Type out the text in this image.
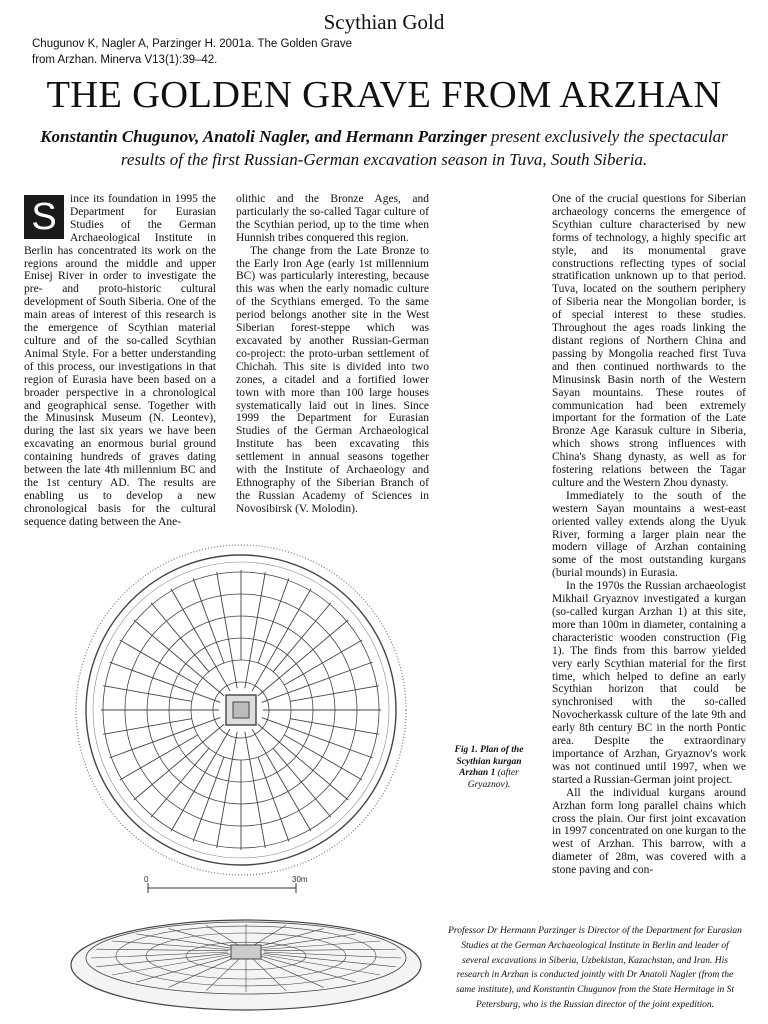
Scythian Gold
Chugunov K, Nagler A, Parzinger H. 2001a. The Golden Grave from Arzhan. Minerva V13(1):39–42.
THE GOLDEN GRAVE FROM ARZHAN
Konstantin Chugunov, Anatoli Nagler, and Hermann Parzinger present exclusively the spectacular results of the first Russian-German excavation season in Tuva, South Siberia.

S	ince its foundation in 1995 the Department for Eurasian Studies of the German Archaeological Institute in Berlin has concentrated its work on the regions around the middle and upper Enisej River in order to investigate the pre- and proto-historic cultural development of South Siberia. One of the main areas of interest of this research is the emergence of Scythian material culture and of the so-called Scythian Animal Style. For a better understanding of this process, our investigations in that region of Eurasia have been based on a broader perspective in a chronological and geographical sense. Together with the Minusinsk Museum (N. Leontev), during the last six years we have been excavating an enormous burial ground containing hundreds of graves dating between the late 4th millennium BC and the 1st century AD. The results are enabling us to develop a new chronological basis for the cultural sequence dating between the Ane-

olithic and the Bronze Ages, and particularly the so-called Tagar culture of the Scythian period, up to the time when Hunnish tribes conquered this region.

The change from the Late Bronze to the Early Iron Age (early 1st millennium BC) was particularly interesting, because this was when the early nomadic culture of the Scythians emerged. To the same period belongs another site in the West Siberian forest-steppe which was excavated by another Russian-German co-project: the proto-urban settlement of Chichah. This site is divided into two zones, a citadel and a fortified lower town with more than 100 large houses systematically laid out in lines. Since 1999 the Department for Eurasian Studies of the German Archaeological Institute has been excavating this settlement in annual seasons together with the Institute of Archaeology and Ethnography of the Siberian Branch of the Russian Academy of Sciences in Novosibirsk (V. Molodin).

One of the crucial questions for Siberian archaeology concerns the emergence of Scythian culture characterised by new forms of technology, a highly specific art style, and its monumental grave constructions reflecting types of social stratification unknown up to that period. Tuva, located on the southern periphery of Siberia near the Mongolian border, is of special interest to these studies. Throughout the ages roads linking the distant regions of Northern China and passing by Mongolia reached first Tuva and then continued northwards to the Minusinsk Basin north of the Western Sayan mountains. These routes of communication had been extremely important for the formation of the Late Bronze Age Karasuk culture in Siberia, which shows strong influences with China's Shang dynasty, as well as for fostering relations between the Tagar culture and the Western Zhou dynasty.

Immediately to the south of the western Sayan mountains a west-east oriented valley extends along the Uyuk River, forming a larger plain near the modern village of Arzhan containing some of the most outstanding kurgans (burial mounds) in Eurasia.

In the 1970s the Russian archaeologist Mikhail Gryaznov investigated a kurgan (so-called kurgan Arzhan 1) at this site, more than 100m in diameter, containing a characteristic wooden construction (Fig 1). The finds from this barrow yielded very early Scythian material for the first time, which helped to define an early Scythian horizon that could be synchronised with the so-called Novocherkassk culture of the late 9th and early 8th century BC in the north Pontic area. Despite the extraordinary importance of Arzhan, Gryaznov's work was not continued until 1997, when we started a Russian-German joint project.

All the individual kurgans around Arzhan form long parallel chains which cross the plain. Our first joint excavation in 1997 concentrated on one kurgan to the west of Arzhan. This barrow, with a diameter of 28m, was covered with a stone paving and con-

0	30m
Fig 1. Plan of the Scythian kurgan Arzhan 1 (after Gryaznov).
Professor Dr Hermann Parzinger is Director of the Department for Eurasian Studies at the German Archaeological Institute in Berlin and leader of several excavations in Siberia, Uzbekistan, Kazachstan, and Iran. His research in Arzhan is conducted jointly with Dr Anatoli Nagler (from the same institute), and Konstantin Chugunov from the State Hermitage in St Petersburg, who is the Russian director of the joint expedition.
